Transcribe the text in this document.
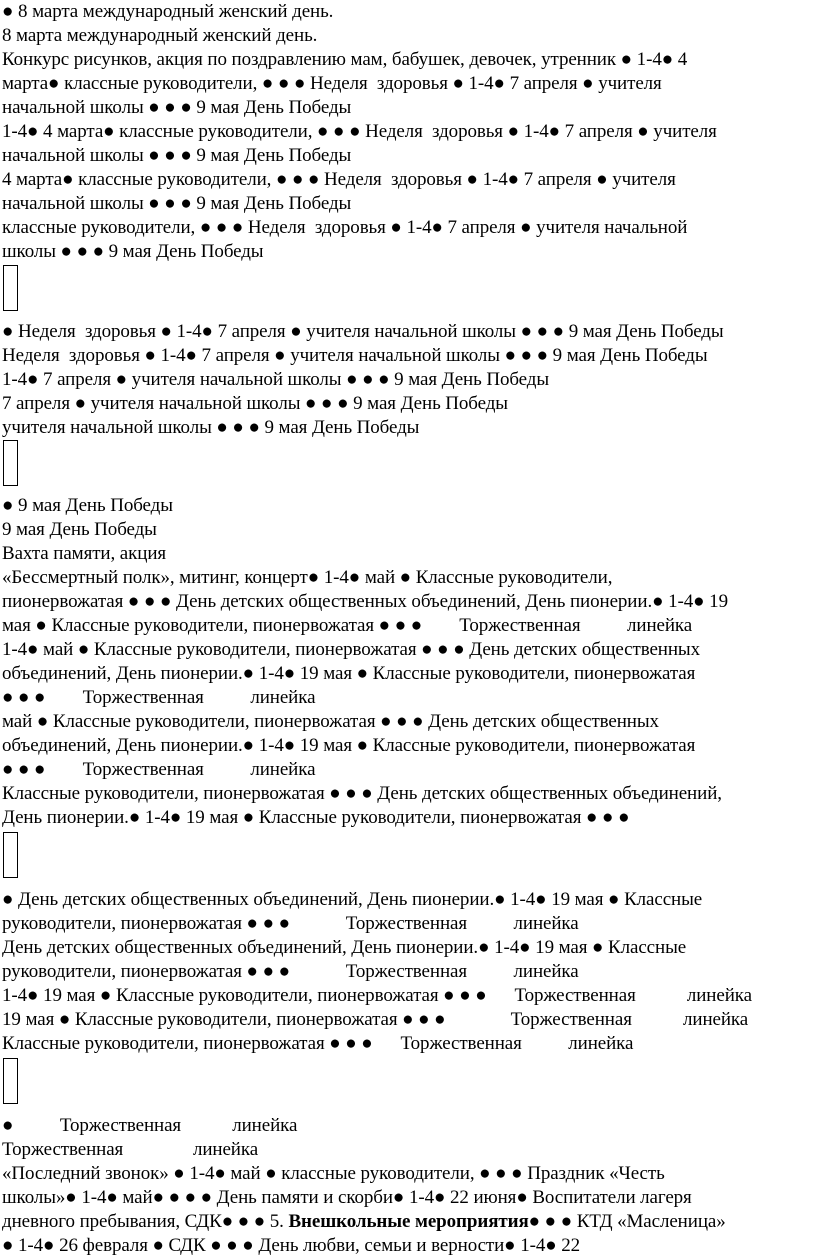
● 8 марта международный женский день.
8 марта международный женский день.
Конкурс рисунков, акция по поздравлению мам, бабушек, девочек, утренник ● 1-4● 4
марта● классные руководители, ● ● ● Неделя  здоровья ● 1-4● 7 апреля ● учителя
начальной школы ● ● ● 9 мая День Победы
1-4● 4 марта● классные руководители, ● ● ● Неделя  здоровья ● 1-4● 7 апреля ● учителя
начальной школы ● ● ● 9 мая День Победы
4 марта● классные руководители, ● ● ● Неделя  здоровья ● 1-4● 7 апреля ● учителя
начальной школы ● ● ● 9 мая День Победы
классные руководители, ● ● ● Неделя  здоровья ● 1-4● 7 апреля ● учителя начальной
школы ● ● ● 9 мая День Победы
● Неделя  здоровья ● 1-4● 7 апреля ● учителя начальной школы ● ● ● 9 мая День Победы
Неделя  здоровья ● 1-4● 7 апреля ● учителя начальной школы ● ● ● 9 мая День Победы
1-4● 7 апреля ● учителя начальной школы ● ● ● 9 мая День Победы
7 апреля ● учителя начальной школы ● ● ● 9 мая День Победы
учителя начальной школы ● ● ● 9 мая День Победы
● 9 мая День Победы
9 мая День Победы
Вахта памяти, акция
«Бессмертный полк», митинг, концерт● 1-4● май ● Классные руководители,
пионервожатая ● ● ● День детских общественных объединений, День пионерии.● 1-4● 19
мая ● Классные руководители, пионервожатая ● ● ●        Торжественная          линейка
1-4● май ● Классные руководители, пионервожатая ● ● ● День детских общественных
объединений, День пионерии.● 1-4● 19 мая ● Классные руководители, пионервожатая
● ● ●        Торжественная          линейка
май ● Классные руководители, пионервожатая ● ● ● День детских общественных
объединений, День пионерии.● 1-4● 19 мая ● Классные руководители, пионервожатая
● ● ●        Торжественная          линейка
Классные руководители, пионервожатая ● ● ● День детских общественных объединений,
День пионерии.● 1-4● 19 мая ● Классные руководители, пионервожатая ● ● ●
● День детских общественных объединений, День пионерии.● 1-4● 19 мая ● Классные
руководители, пионервожатая ● ● ●            Торжественная          линейка
День детских общественных объединений, День пионерии.● 1-4● 19 мая ● Классные
руководители, пионервожатая ● ● ●            Торжественная          линейка
1-4● 19 мая ● Классные руководители, пионервожатая ● ● ●      Торжественная           линейка
19 мая ● Классные руководители, пионервожатая ● ● ●              Торжественная           линейка
Классные руководители, пионервожатая ● ● ●      Торжественная          линейка
●          Торжественная           линейка
Торжественная               линейка
«Последний звонок» ● 1-4● май ● классные руководители, ● ● ● Праздник «Честь
школы»● 1-4● май● ● ● ● День памяти и скорби● 1-4● 22 июня● Воспитатели лагеря
дневного пребывания, СДК● ● ● 5. Внешкольные мероприятия● ● ● КТД «Масленица»
● 1-4● 26 февраля ● СДК ● ● ● День любви, семьи и верности● 1-4● 22
